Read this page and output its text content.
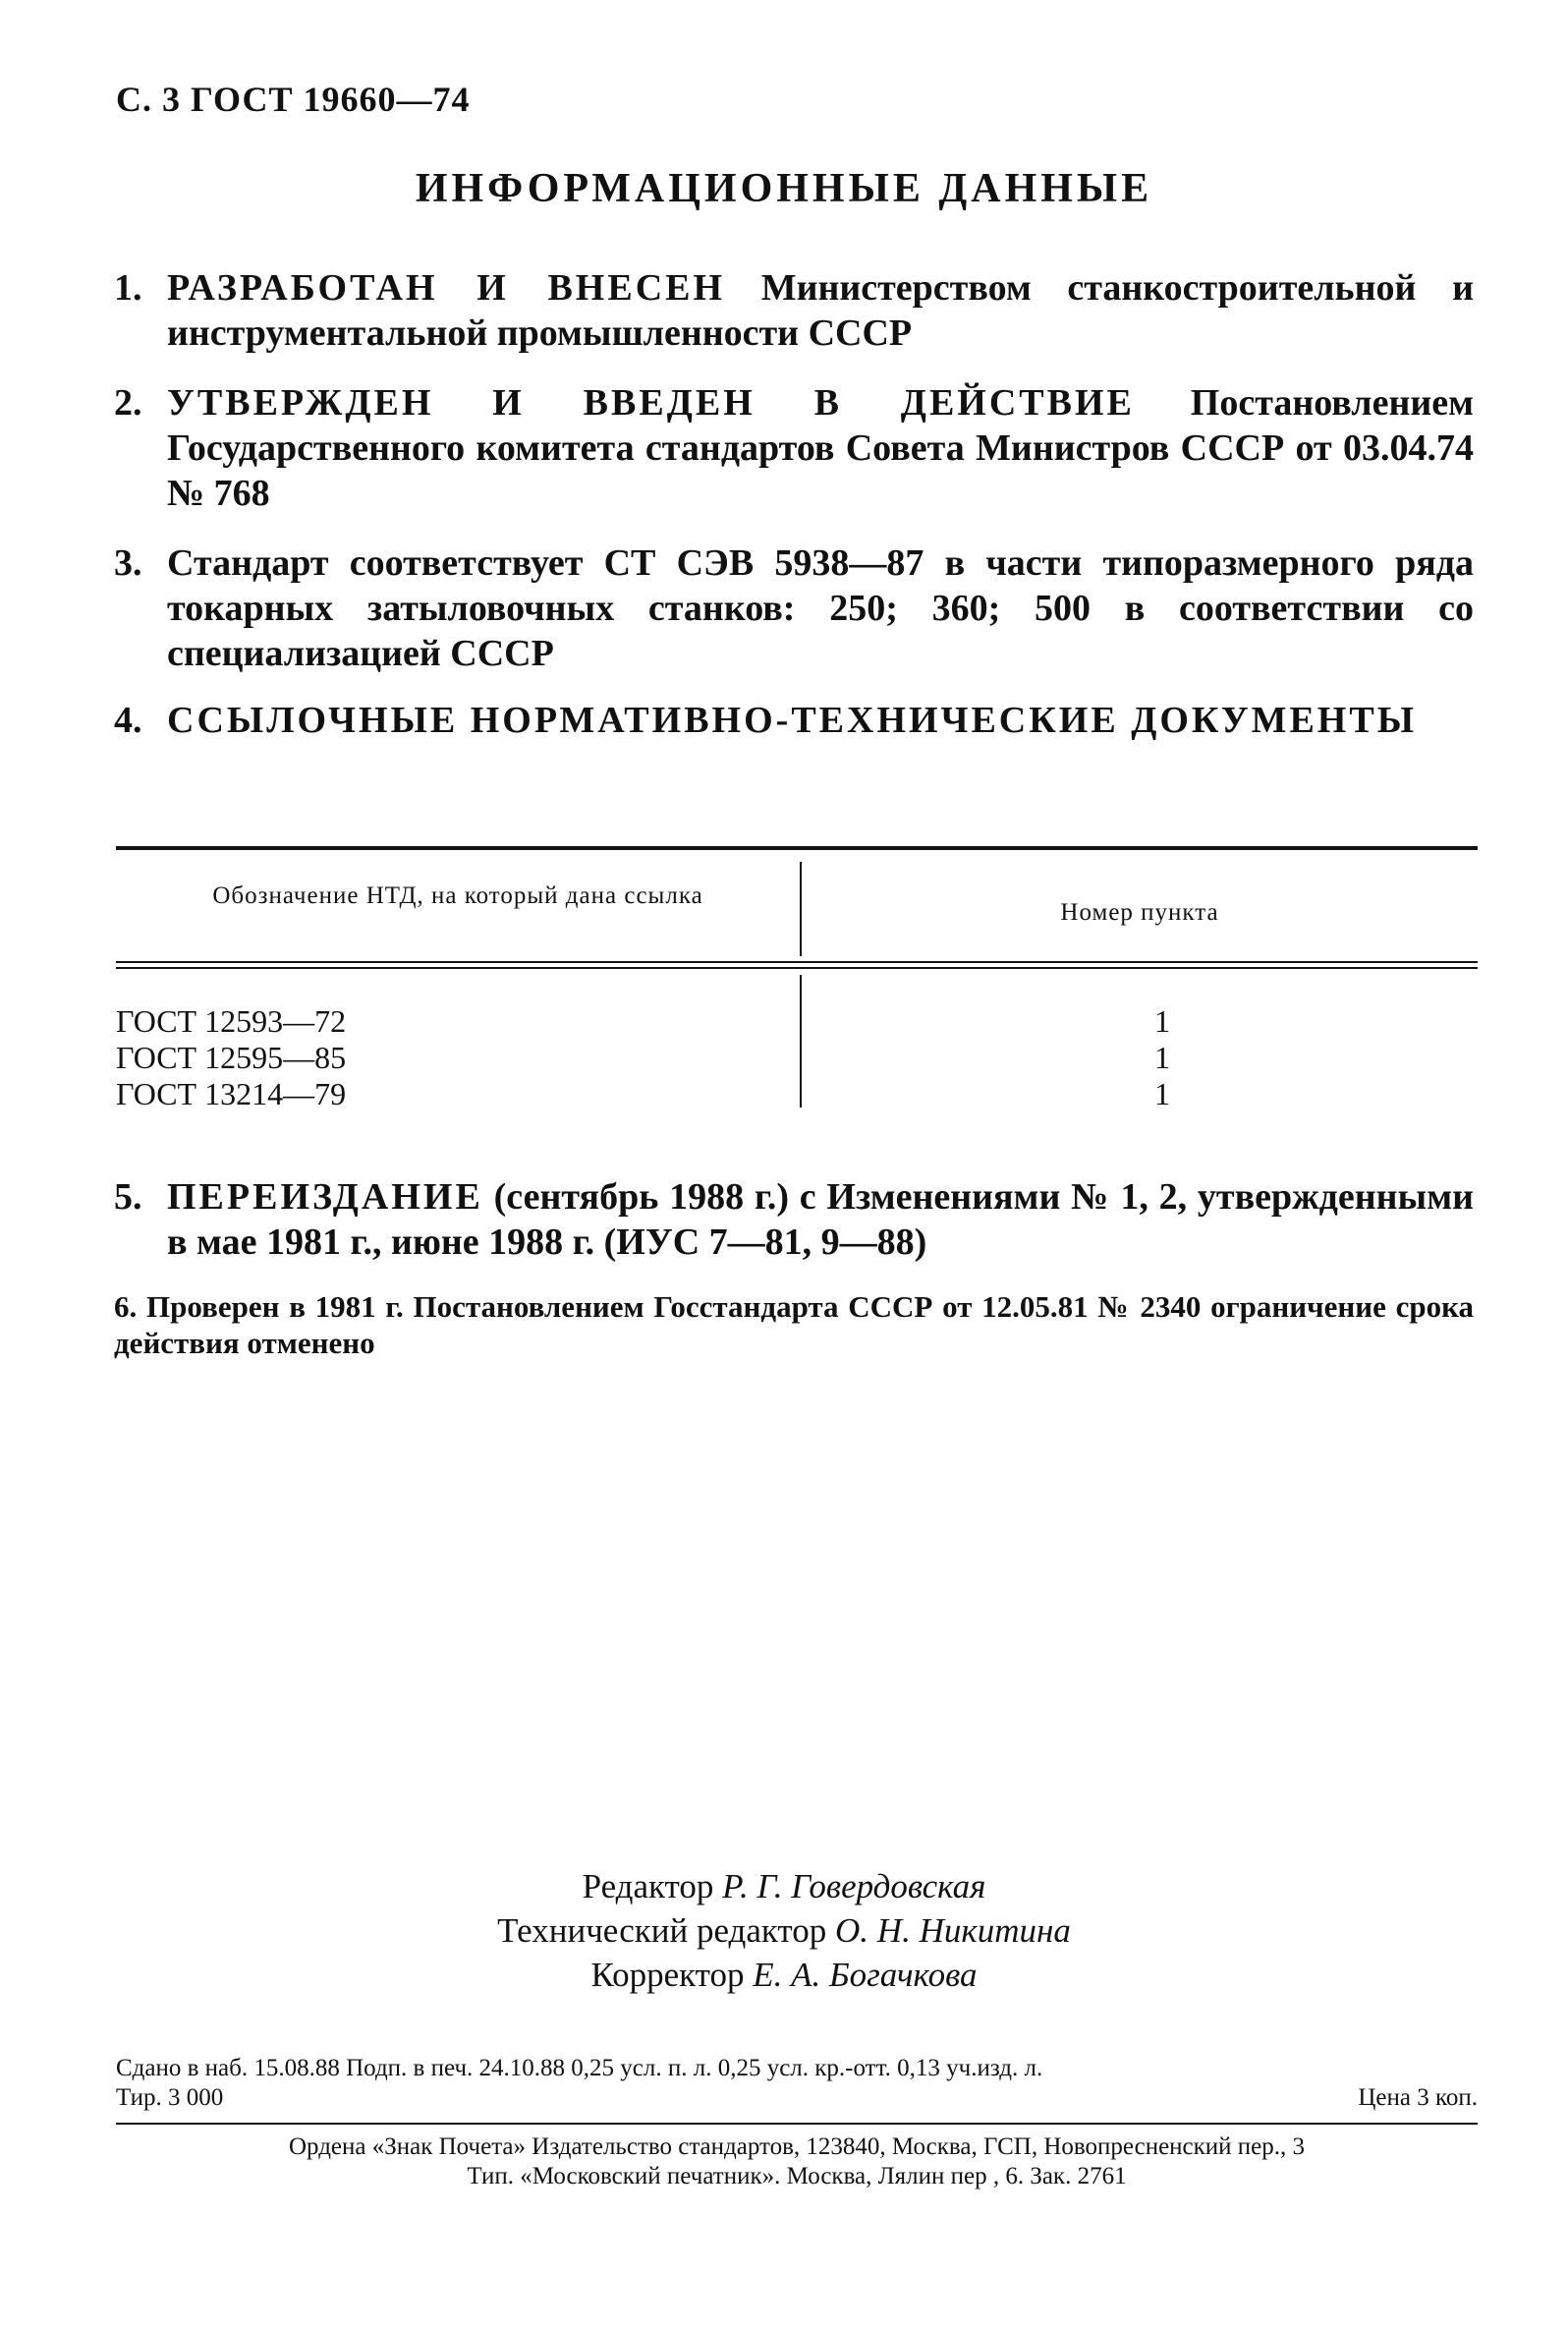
С. 3 ГОСТ 19660—74
ИНФОРМАЦИОННЫЕ ДАННЫЕ
1. РАЗРАБОТАН И ВНЕСЕН Министерством станкостроительной и инструментальной промышленности СССР
2. УТВЕРЖДЕН И ВВЕДЕН В ДЕЙСТВИЕ Постановлением Государственного комитета стандартов Совета Министров СССР от 03.04.74 № 768
3. Стандарт соответствует СТ СЭВ 5938—87 в части типоразмерного ряда токарных затыловочных станков: 250; 360; 500 в соответствии со специализацией СССР
4. ССЫЛОЧНЫЕ НОРМАТИВНО-ТЕХНИЧЕСКИЕ ДОКУМЕНТЫ
Обозначение НТД, на который дана ссылка
Номер пункта
ГОСТ 12593—72	1
ГОСТ 12595—85	1
ГОСТ 13214—79	1
5. ПЕРЕИЗДАНИЕ (сентябрь 1988 г.) с Изменениями № 1, 2, утвержденными в мае 1981 г., июне 1988 г. (ИУС 7—81, 9—88)
6. Проверен в 1981 г. Постановлением Госстандарта СССР от 12.05.81 № 2340 ограничение срока действия отменено
Редактор Р. Г. Говердовская
Технический редактор О. Н. Никитина
Корректор Е. А. Богачкова
Сдано в наб. 15.08.88 Подп. в печ. 24.10.88 0,25 усл. п. л. 0,25 усл. кр.-отт. 0,13 уч.изд. л.
Тир. 3 000	Цена 3 коп.
Ордена «Знак Почета» Издательство стандартов, 123840, Москва, ГСП, Новопресненский пер., 3
Тип. «Московский печатник». Москва, Лялин пер , 6. Зак. 2761
